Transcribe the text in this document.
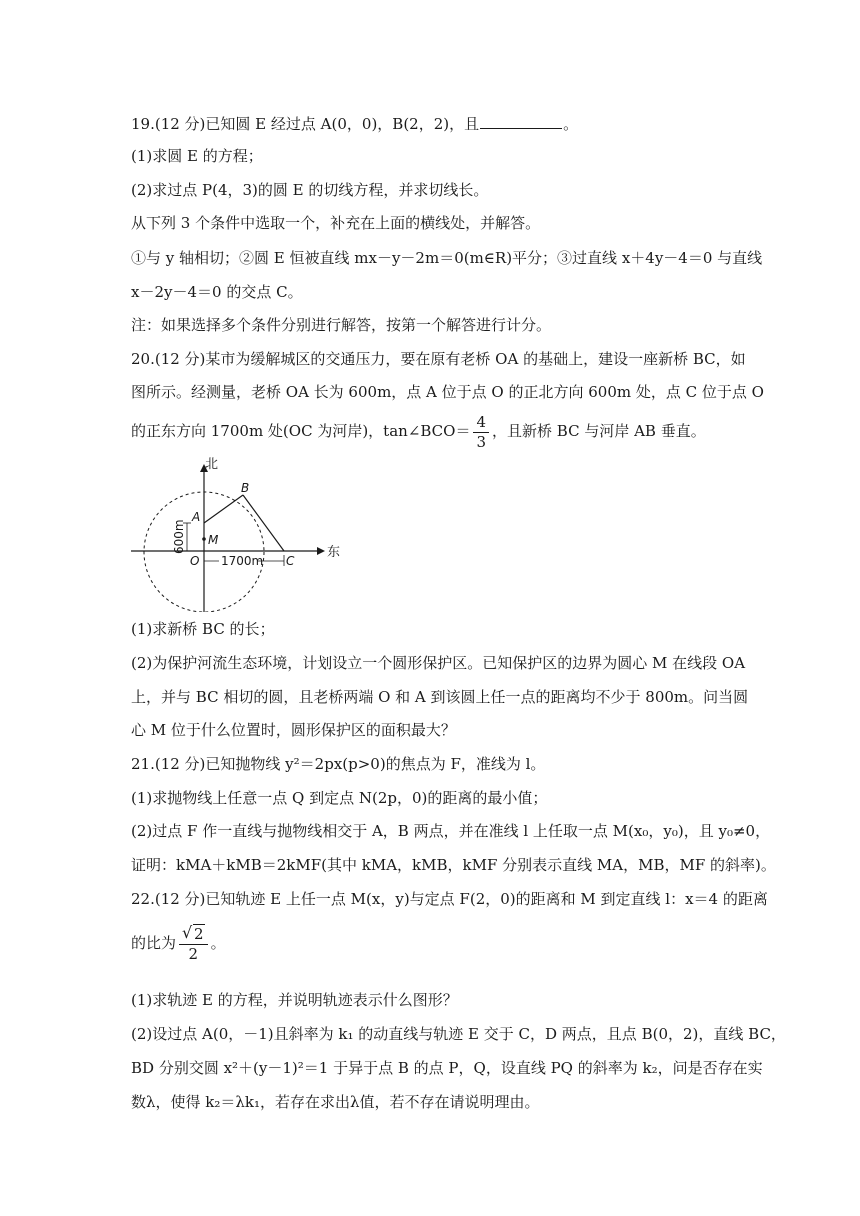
19.(12 分)已知圆 E 经过点 A(0，0)，B(2，2)，且	。
(1)求圆 E 的方程；
(2)求过点 P(4，3)的圆 E 的切线方程，并求切线长。
从下列 3 个条件中选取一个，补充在上面的横线处，并解答。
①与 y 轴相切；②圆 E 恒被直线 mx－y－2m＝0(m∈R)平分；③过直线 x＋4y－4＝0 与直线
x－2y－4＝0 的交点 C。
注：如果选择多个条件分别进行解答，按第一个解答进行计分。
20.(12 分)某市为缓解城区的交通压力，要在原有老桥 OA 的基础上，建设一座新桥 BC，如
图所示。经测量，老桥 OA 长为 600m，点 A 位于点 O 的正北方向 600m 处，点 C 位于点 O
的正东方向 1700m 处(OC 为河岸)，tan∠BCO＝ $\frac{4}{3}$ ，且新桥 BC 与河岸 AB 垂直。
北
东
A
B
M
O	C
600m
1700m
(1)求新桥 BC 的长；
(2)为保护河流生态环境，计划设立一个圆形保护区。已知保护区的边界为圆心 M 在线段 OA
上，并与 BC 相切的圆，且老桥两端 O 和 A 到该圆上任一点的距离均不少于 800m。问当圆
心 M 位于什么位置时，圆形保护区的面积最大？
21.(12 分)已知抛物线 y²＝2px(p>0)的焦点为 F，准线为 l。
(1)求抛物线上任意一点 Q 到定点 N(2p，0)的距离的最小值；
(2)过点 F 作一直线与抛物线相交于 A，B 两点，并在准线 l 上任取一点 M(x₀，y₀)，且 y₀≠0，
证明：kMA＋kMB＝2kMF(其中 kMA，kMB，kMF 分别表示直线 MA，MB，MF 的斜率)。
22.(12 分)已知轨迹 E 上任一点 M(x，y)与定点 F(2，0)的距离和 M 到定直线 l：x＝4 的距离
的比为 $\frac{√ 2}{2}$ 。
(1)求轨迹 E 的方程，并说明轨迹表示什么图形？
(2)设过点 A(0，－1)且斜率为 k₁ 的动直线与轨迹 E 交于 C，D 两点，且点 B(0，2)，直线 BC，
BD 分别交圆 x²＋(y－1)²＝1 于异于点 B 的点 P，Q，设直线 PQ 的斜率为 k₂，问是否存在实
数λ，使得 k₂＝λk₁，若存在求出λ值，若不存在请说明理由。
